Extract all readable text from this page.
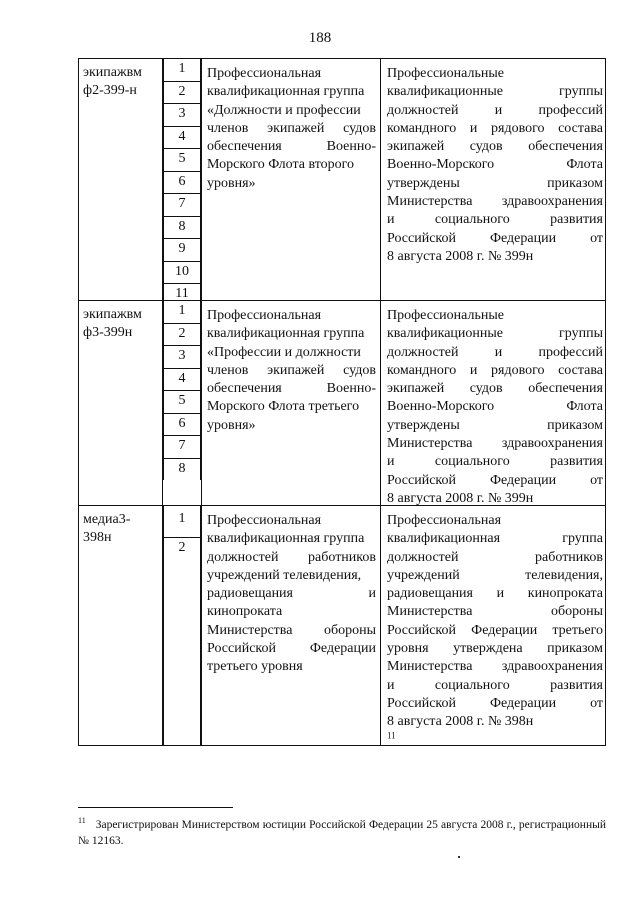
188
экипажвм
ф2-399-н
1
2
3
4
5
6
7
8
9
10
11
Профессиональная
квалификационная группа
«Должности и профессии
членов экипажей судов
обеспечения Военно-
Морского Флота второго
уровня»
Профессиональные
квалификационные группы
должностей и профессий
командного и рядового состава
экипажей судов обеспечения
Военно-Морского Флота
утверждены приказом
Министерства здравоохранения
и социального развития
Российской Федерации от
8 августа 2008 г. № 399н
экипажвм
ф3-399н
1
2
3
4
5
6
7
8
Профессиональная
квалификационная группа
«Профессии и должности
членов экипажей судов
обеспечения Военно-
Морского Флота третьего
уровня»
Профессиональные
квалификационные группы
должностей и профессий
командного и рядового состава
экипажей судов обеспечения
Военно-Морского Флота
утверждены приказом
Министерства здравоохранения
и социального развития
Российской Федерации от
8 августа 2008 г. № 399н
медиа3-
398н
1
2
Профессиональная
квалификационная группа
должностей работников
учреждений телевидения,
радиовещания и
кинопроката
Министерства обороны
Российской Федерации
третьего уровня
Профессиональная
квалификационная группа
должностей работников
учреждений телевидения,
радиовещания и кинопроката
Министерства обороны
Российской Федерации третьего
уровня утверждена приказом
Министерства здравоохранения
и социального развития
Российской Федерации от
8 августа 2008 г. № 398н
$^{11}$
$^{11}$ Зарегистрирован Министерством юстиции Российской Федерации 25 августа 2008 г., регистрационный № 12163.
